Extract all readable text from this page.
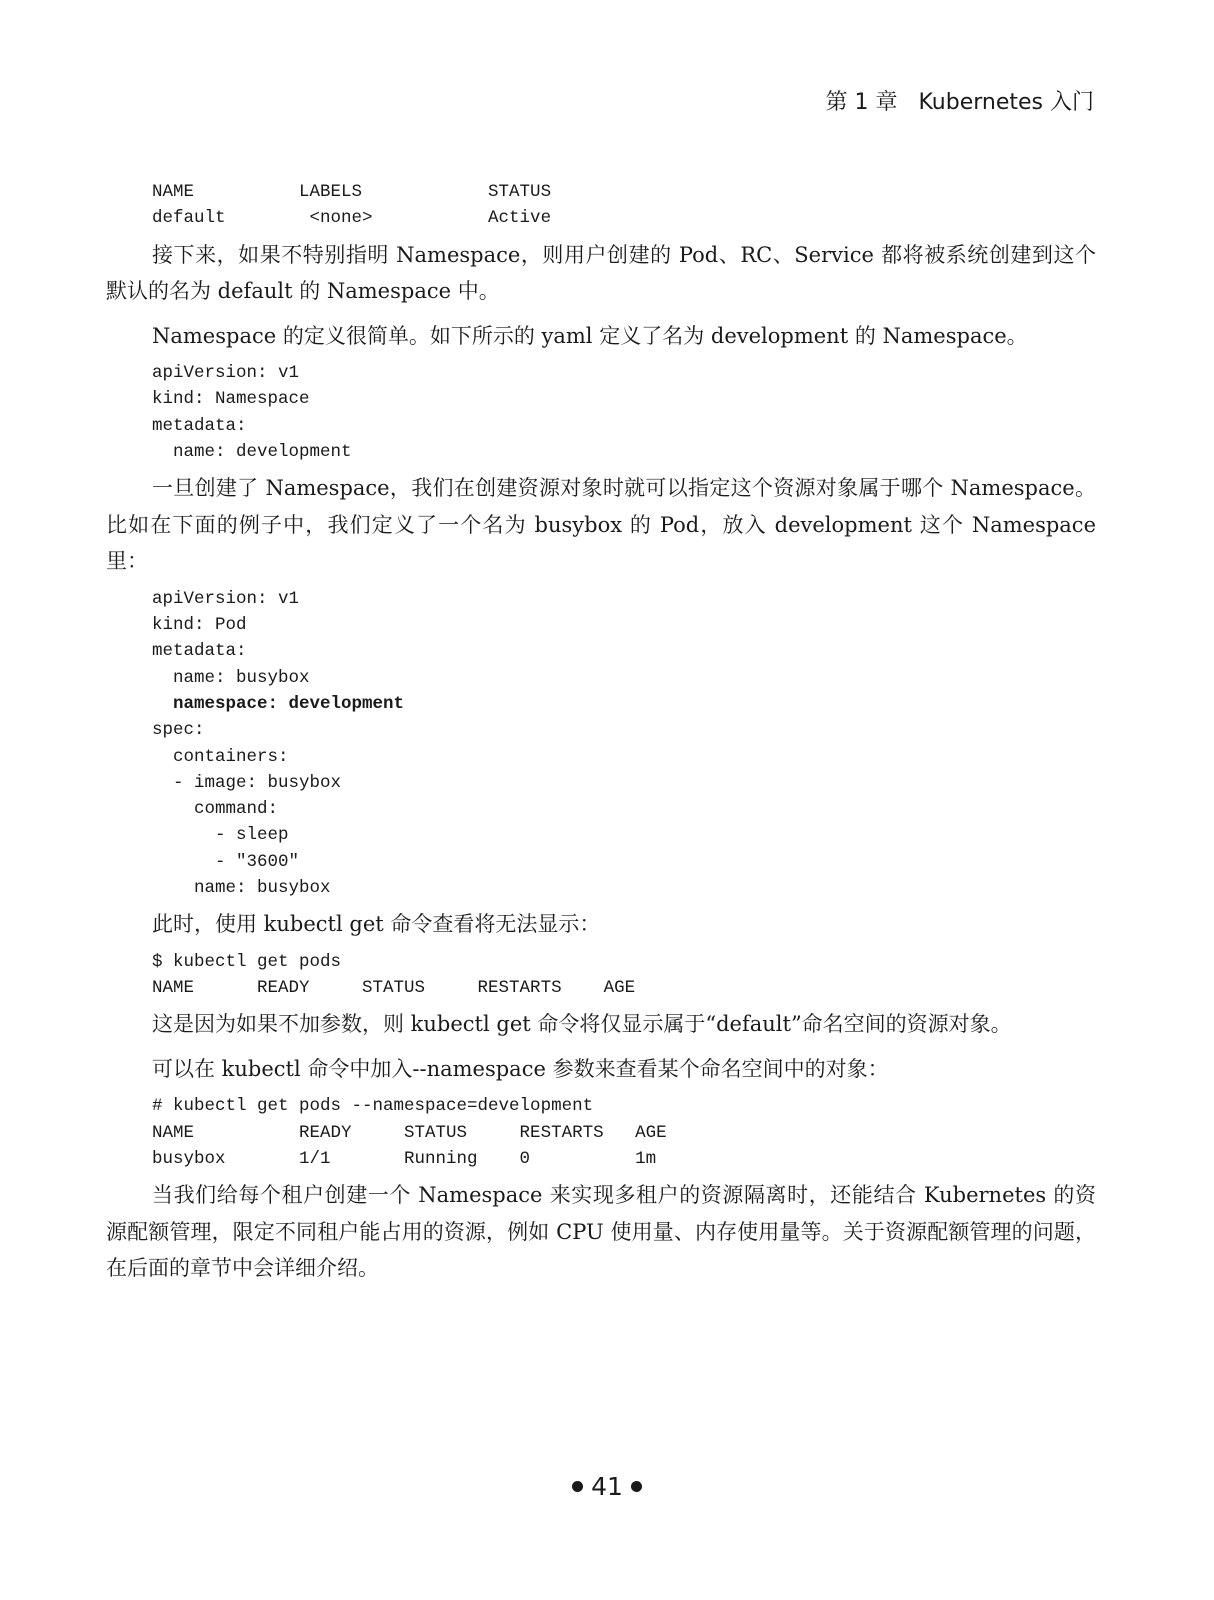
第 1 章 Kubernetes 入门
NAME          LABELS            STATUS
default        <none>           Active

接下来，如果不特别指明 Namespace，则用户创建的 Pod、RC、Service 都将被系统创建到这个默认的名为 default 的 Namespace 中。

Namespace 的定义很简单。如下所示的 yaml 定义了名为 development 的 Namespace。

apiVersion: v1
kind: Namespace
metadata:
name: development

一旦创建了 Namespace，我们在创建资源对象时就可以指定这个资源对象属于哪个 Namespace。比如在下面的例子中，我们定义了一个名为 busybox 的 Pod，放入 development 这个 Namespace 里：

apiVersion: v1
kind: Pod
metadata:
name: busybox
namespace: development
spec:
containers:
- image: busybox
command:
- sleep
- "3600"
name: busybox

此时，使用 kubectl get 命令查看将无法显示：

$ kubectl get pods
NAME      READY     STATUS     RESTARTS    AGE

这是因为如果不加参数，则 kubectl get 命令将仅显示属于“default”命名空间的资源对象。

可以在 kubectl 命令中加入--namespace 参数来查看某个命名空间中的对象：

# kubectl get pods --namespace=development
NAME          READY     STATUS     RESTARTS   AGE
busybox       1/1       Running    0          1m

当我们给每个租户创建一个 Namespace 来实现多租户的资源隔离时，还能结合 Kubernetes 的资源配额管理，限定不同租户能占用的资源，例如 CPU 使用量、内存使用量等。关于资源配额管理的问题，在后面的章节中会详细介绍。

41
